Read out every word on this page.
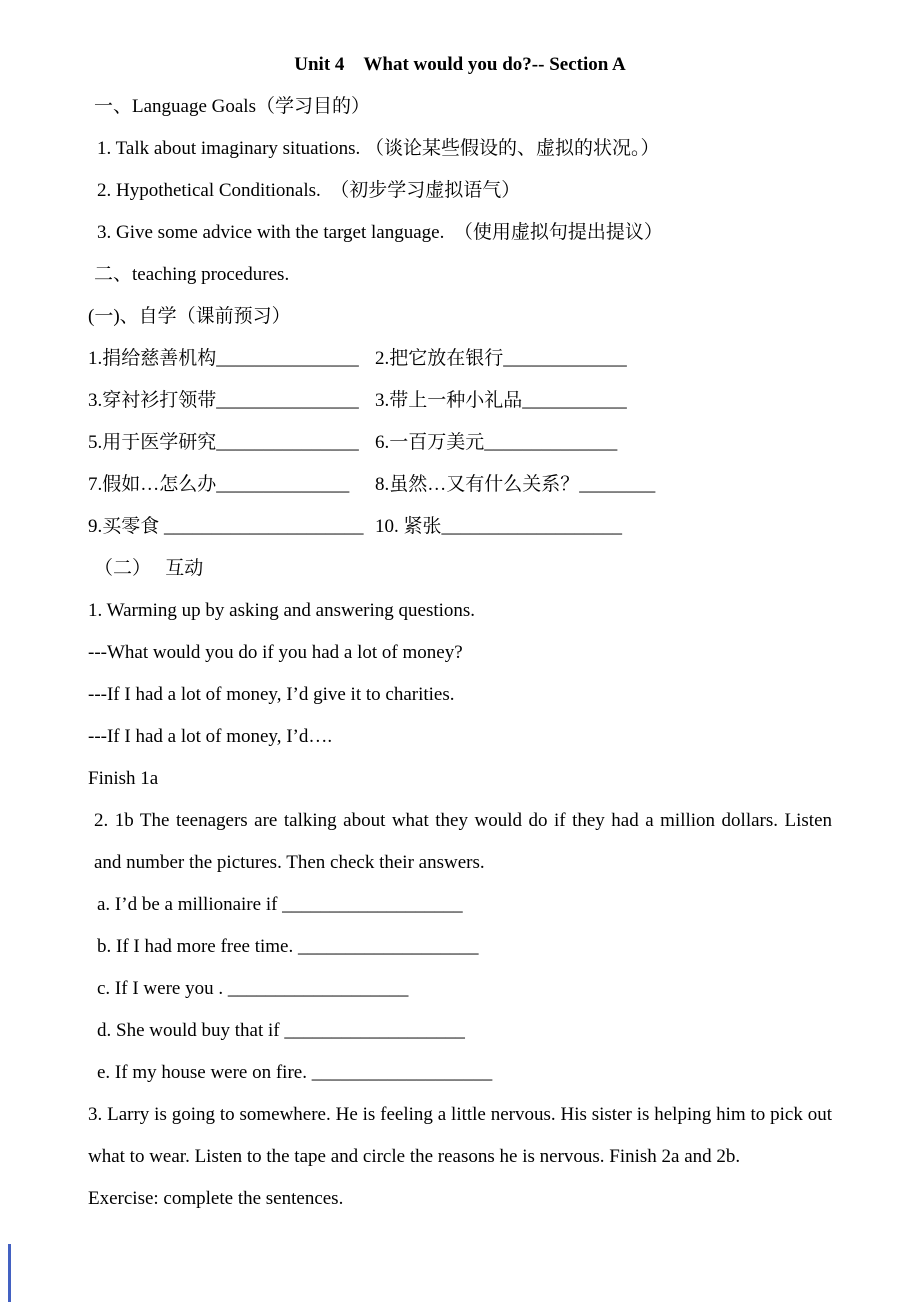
Unit 4　What would you do?-- Section A

一、Language Goals（学习目的）

1. Talk about imaginary situations. （谈论某些假设的、虚拟的状况。）

2. Hypothetical Conditionals.  （初步学习虚拟语气）

3. Give some advice with the target language.  （使用虚拟句提出提议）

二、teaching procedures.

(一)、自学（课前预习）

1.捐给慈善机构_______________ 2.把它放在银行_____________
3.穿衬衫打领带_______________ 3.带上一种小礼品___________
5.用于医学研究_______________ 6.一百万美元______________
7.假如…怎么办______________	8.虽然…又有什么关系？________
9.买零食 _____________________ 10. 紧张___________________

（二）　 互动

1. Warming up by asking and answering questions.

---What would you do if you had a lot of money?

---If I had a lot of money, I’d give it to charities.

---If I had a lot of money, I’d….

Finish 1a

2. 1b The teenagers are talking about what they would do if they had a million dollars. Listen and number the pictures. Then check their answers.

a. I’d be a millionaire if ___________________

b. If I had more free time. ___________________

c. If I were you . ___________________

d. She would buy that if ___________________

e. If my house were on fire. ___________________

3. Larry is going to somewhere. He is feeling a little nervous. His sister is helping him to pick out what to wear. Listen to the tape and circle the reasons he is nervous. Finish 2a and 2b.

Exercise: complete the sentences.
